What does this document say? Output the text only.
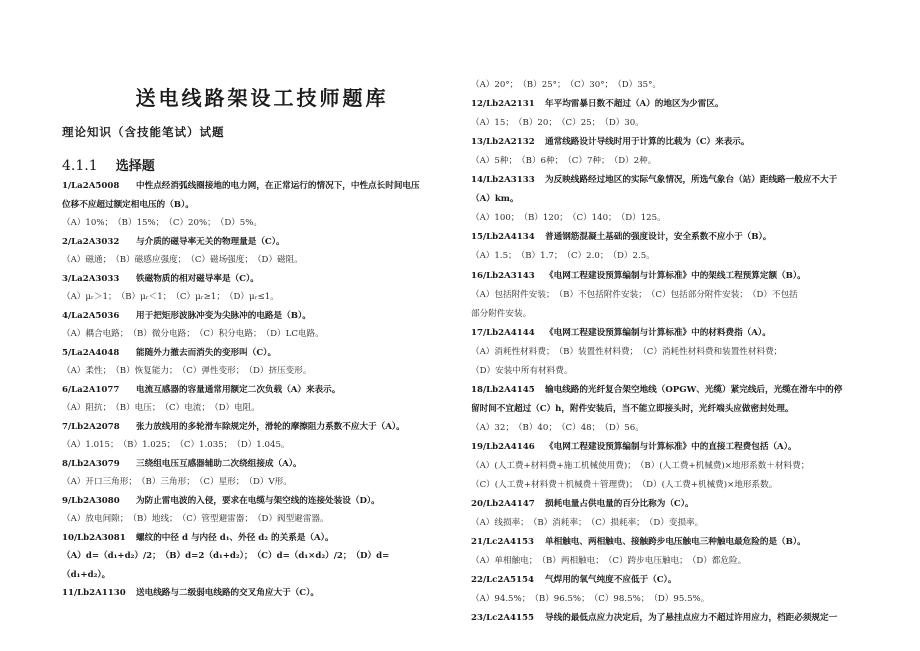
送电线路架设工技师题库
理论知识（含技能笔试）试题
4.1.1 选择题
1/La2A5008 中性点经消弧线圈接地的电力网，在正常运行的情况下，中性点长时间电压
位移不应超过额定相电压的（B）。
（A）10%；　（B）15%；　（C）20%；　（D）5%。
2/La2A3032 与介质的磁导率无关的物理量是（C）。
（A）磁通；　（B）磁感应强度；　（C）磁场强度；　（D）磁阻。
3/La2A3033 铁磁物质的相对磁导率是（C）。
（A）μᵣ＞1；　（B）μᵣ＜1；　（C）μᵣ≥1；　（D）μᵣ≤1。
4/La2A5036 用于把矩形波脉冲变为尖脉冲的电路是（B）。
（A）耦合电路；　（B）微分电路；　（C）积分电路；　（D）LC电路。
5/La2A4048 能随外力撤去而消失的变形叫（C）。
（A）柔性；　（B）恢复能力；　（C）弹性变形；　（D）挤压变形。
6/La2A1077 电流互感器的容量通常用额定二次负载（A）来表示。
（A）阻抗；　（B）电压；　（C）电流；　（D）电阻。
7/Lb2A2078 张力放线用的多轮滑车除规定外，滑轮的摩擦阻力系数不应大于（A）。
（A）1.015；　（B）1.025；　（C）1.035；　（D）1.045。
8/Lb2A3079 三绕组电压互感器辅助二次绕组接成（A）。
（A）开口三角形；　（B）三角形；　（C）星形；　（D）V形。
9/Lb2A3080 为防止雷电波的入侵，要求在电缆与架空线的连接处装设（D）。
（A）放电间隙；　（B）地线；　（C）管型避雷器；　（D）阀型避雷器。
10/Lb2A3081 螺纹的中径 d 与内径 d₁、外径 d₂ 的关系是（A）。
（A）d=（d₁+d₂）/2；　（B）d=2（d₁+d₂）；　（C）d=（d₁×d₂）/2；　（D）d=
（d₁+d₂）。
11/Lb2A1130 送电线路与二级弱电线路的交叉角应大于（C）。
（A）20°；　（B）25°；　（C）30°；　（D）35°。
12/Lb2A2131 年平均雷暴日数不超过（A）的地区为少雷区。
（A）15；　（B）20；　（C）25；　（D）30。
13/Lb2A2132 通常线路设计导线时用于计算的比载为（C）来表示。
（A）5种；　（B）6种；　（C）7种；　（D）2种。
14/Lb2A3133 为反映线路经过地区的实际气象情况，所选气象台（站）距线路一般应不大于
（A）km。
（A）100；　（B）120；　（C）140；　（D）125。
15/Lb2A4134 普通钢筋混凝土基础的强度设计，安全系数不应小于（B）。
（A）1.5；　（B）1.7；　（C）2.0；　（D）2.5。
16/Lb2A3143 《电网工程建设预算编制与计算标准》中的架线工程预算定额（B）。
（A）包括附件安装；　（B）不包括附件安装；　（C）包括部分附件安装；　（D）不包括
部分附件安装。
17/Lb2A4144 《电网工程建设预算编制与计算标准》中的材料费指（A）。
（A）消耗性材料费；　（B）装置性材料费；　（C）消耗性材料费和装置性材料费；
（D）安装中所有材料费。
18/Lb2A4145 输电线路的光纤复合架空地线（OPGW、光缆）紧完线后，光缆在滑车中的停
留时间不宜超过（C）h，附件安装后，当不能立即接头时，光纤端头应做密封处理。
（A）32；　（B）40；　（C）48；　（D）56。
19/Lb2A4146 《电网工程建设预算编制与计算标准》中的直接工程费包括（A）。
（A）(人工费+材料费+施工机械使用费)；　（B）(人工费+机械费)×地形系数＋材料费；
（C）(人工费+材料费＋机械费＋管理费)；　（D）(人工费+机械费)×地形系数。
20/Lb2A4147 损耗电量占供电量的百分比称为（C）。
（A）线损率；　（B）消耗率；　（C）损耗率；　（D）变损率。
21/Lc2A4153 单相触电、两相触电、接触跨步电压触电三种触电最危险的是（B）。
（A）单相触电；　（B）两相触电；　（C）跨步电压触电；　（D）都危险。
22/Lc2A5154 气焊用的氧气纯度不应低于（C）。
（A）94.5%；　（B）96.5%；　（C）98.5%；　（D）95.5%。
23/Lc2A4155 导线的最低点应力决定后，为了悬挂点应力不超过许用应力，档距必须规定一
